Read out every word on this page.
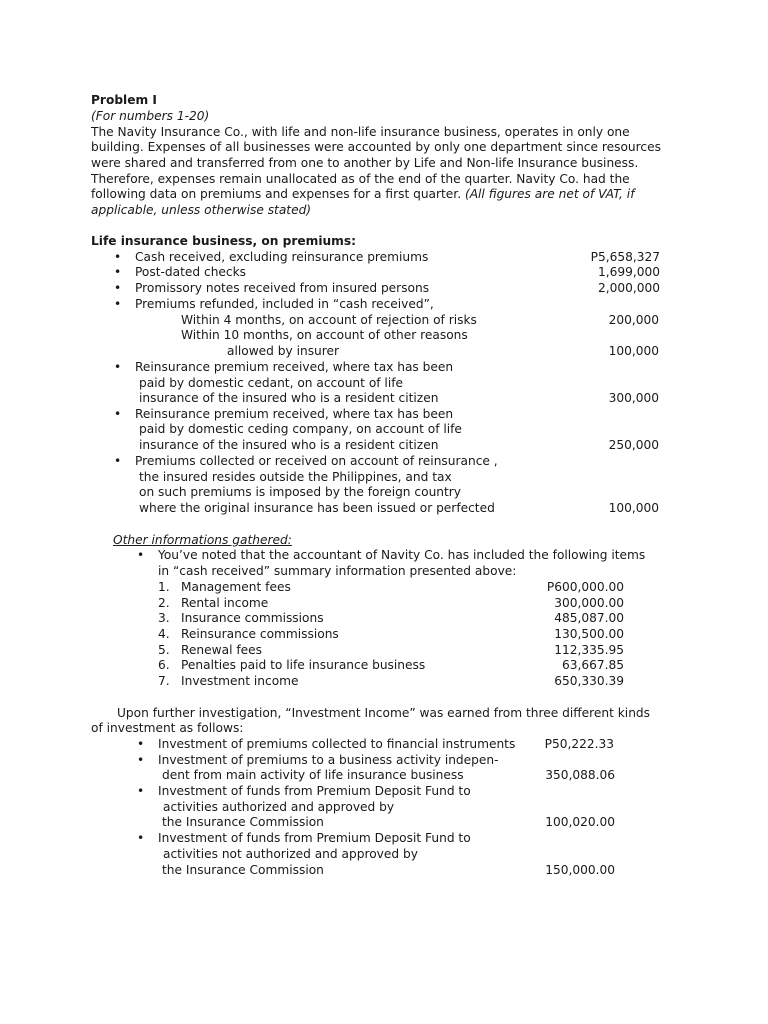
Problem I
(For numbers 1-20)
The Navity Insurance Co., with life and non-life insurance business, operates in only one
building. Expenses of all businesses were accounted by only one department since resources
were shared and transferred from one to another by Life and Non-life Insurance business.
Therefore, expenses remain unallocated as of the end of the quarter. Navity Co. had the
following data on premiums and expenses for a first quarter. (All figures are net of VAT, if
applicable, unless otherwise stated)
Life insurance business, on premiums:
• Cash received, excluding reinsurance premiums	P5,658,327
• Post-dated checks	1,699,000
• Promissory notes received from insured persons	2,000,000
• Premiums refunded, included in “cash received”,
Within 4 months, on account of rejection of risks	200,000
Within 10 months, on account of other reasons
allowed by insurer	100,000
• Reinsurance premium received, where tax has been
paid by domestic cedant, on account of life
insurance of the insured who is a resident citizen	300,000
• Reinsurance premium received, where tax has been
paid by domestic ceding company, on account of life
insurance of the insured who is a resident citizen	250,000
• Premiums collected or received on account of reinsurance ,
the insured resides outside the Philippines, and tax
on such premiums is imposed by the foreign country
where the original insurance has been issued or perfected	100,000
Other informations gathered:
• You’ve noted that the accountant of Navity Co. has included the following items
in “cash received” summary information presented above:
1. Management fees	P600,000.00
2. Rental income	300,000.00
3. Insurance commissions	485,087.00
4. Reinsurance commissions	130,500.00
5. Renewal fees	112,335.95
6. Penalties paid to life insurance business	63,667.85
7. Investment income	650,330.39
Upon further investigation, “Investment Income” was earned from three different kinds
of investment as follows:
• Investment of premiums collected to financial instruments P50,222.33
• Investment of premiums to a business activity indepen-
dent from main activity of life insurance business	350,088.06
• Investment of funds from Premium Deposit Fund to
activities authorized and approved by
the Insurance Commission	100,020.00
• Investment of funds from Premium Deposit Fund to
activities not authorized and approved by
the Insurance Commission	150,000.00
